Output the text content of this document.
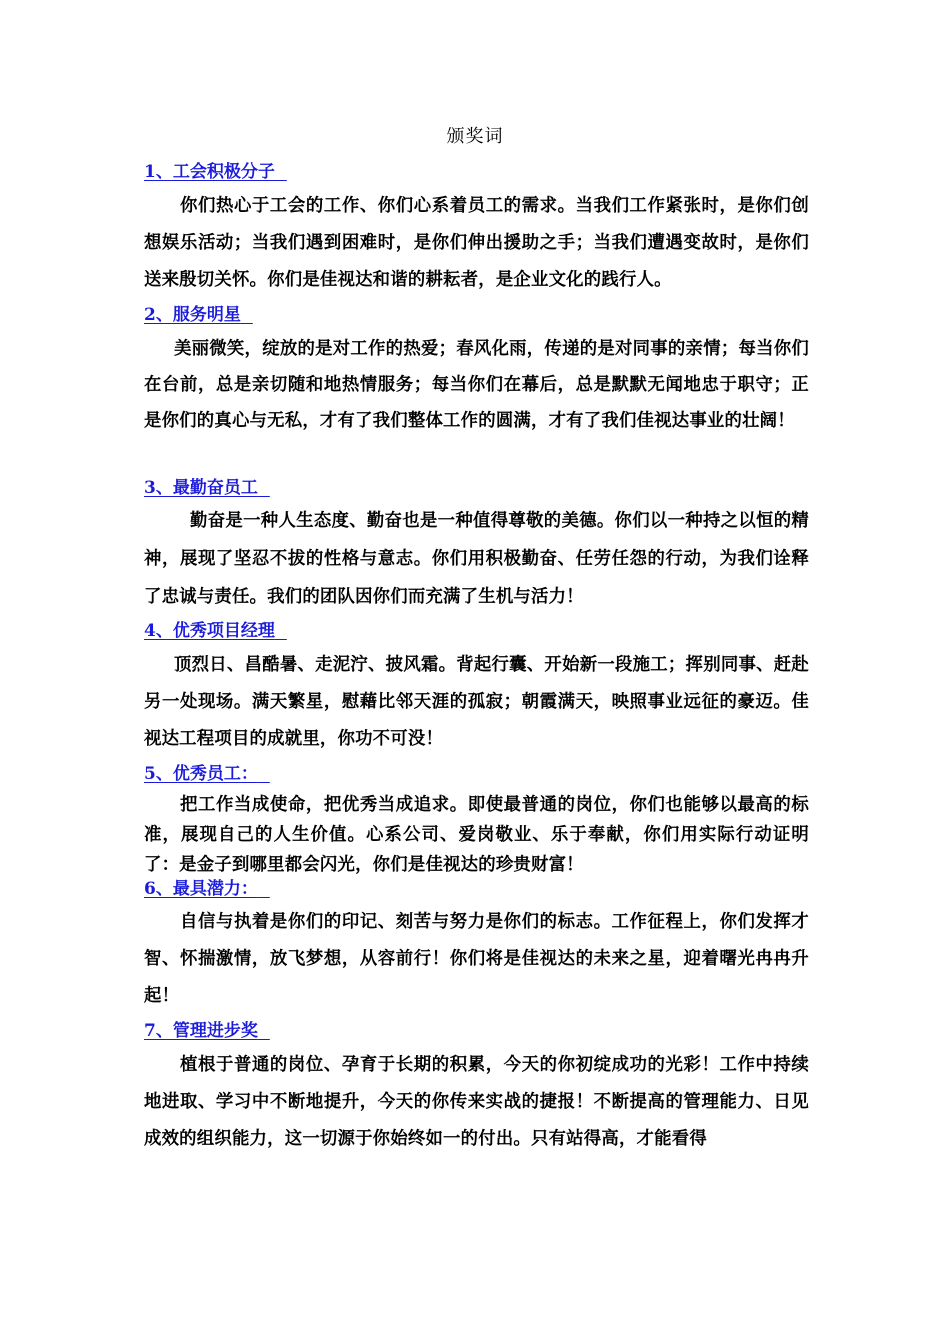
颁奖词
1、工会积极分子
你们热心于工会的工作、你们心系着员工的需求。当我们工作紧张时，是你们创想娱乐活动；当我们遇到困难时，是你们伸出援助之手；当我们遭遇变故时，是你们送来殷切关怀。你们是佳视达和谐的耕耘者，是企业文化的践行人。
2、服务明星
美丽微笑，绽放的是对工作的热爱；春风化雨，传递的是对同事的亲情；每当你们在台前，总是亲切随和地热情服务；每当你们在幕后，总是默默无闻地忠于职守；正是你们的真心与无私，才有了我们整体工作的圆满，才有了我们佳视达事业的壮阔！
3、最勤奋员工
勤奋是一种人生态度、勤奋也是一种值得尊敬的美德。你们以一种持之以恒的精神，展现了坚忍不拔的性格与意志。你们用积极勤奋、任劳任怨的行动，为我们诠释了忠诚与责任。我们的团队因你们而充满了生机与活力！
4、优秀项目经理
顶烈日、昌酷暑、走泥泞、披风霜。背起行囊、开始新一段施工；挥别同事、赶赴另一处现场。满天繁星，慰藉比邻天涯的孤寂；朝霞满天，映照事业远征的豪迈。佳视达工程项目的成就里，你功不可没！
5、优秀员工：
把工作当成使命，把优秀当成追求。即使最普通的岗位，你们也能够以最高的标准，展现自己的人生价值。心系公司、爱岗敬业、乐于奉献，你们用实际行动证明了：是金子到哪里都会闪光，你们是佳视达的珍贵财富！
6、最具潜力：
自信与执着是你们的印记、刻苦与努力是你们的标志。工作征程上，你们发挥才智、怀揣激情，放飞梦想，从容前行！你们将是佳视达的未来之星，迎着曙光冉冉升起！
7、管理进步奖
植根于普通的岗位、孕育于长期的积累，今天的你初绽成功的光彩！工作中持续地进取、学习中不断地提升，今天的你传来实战的捷报！不断提高的管理能力、日见成效的组织能力，这一切源于你始终如一的付出。只有站得高，才能看得
